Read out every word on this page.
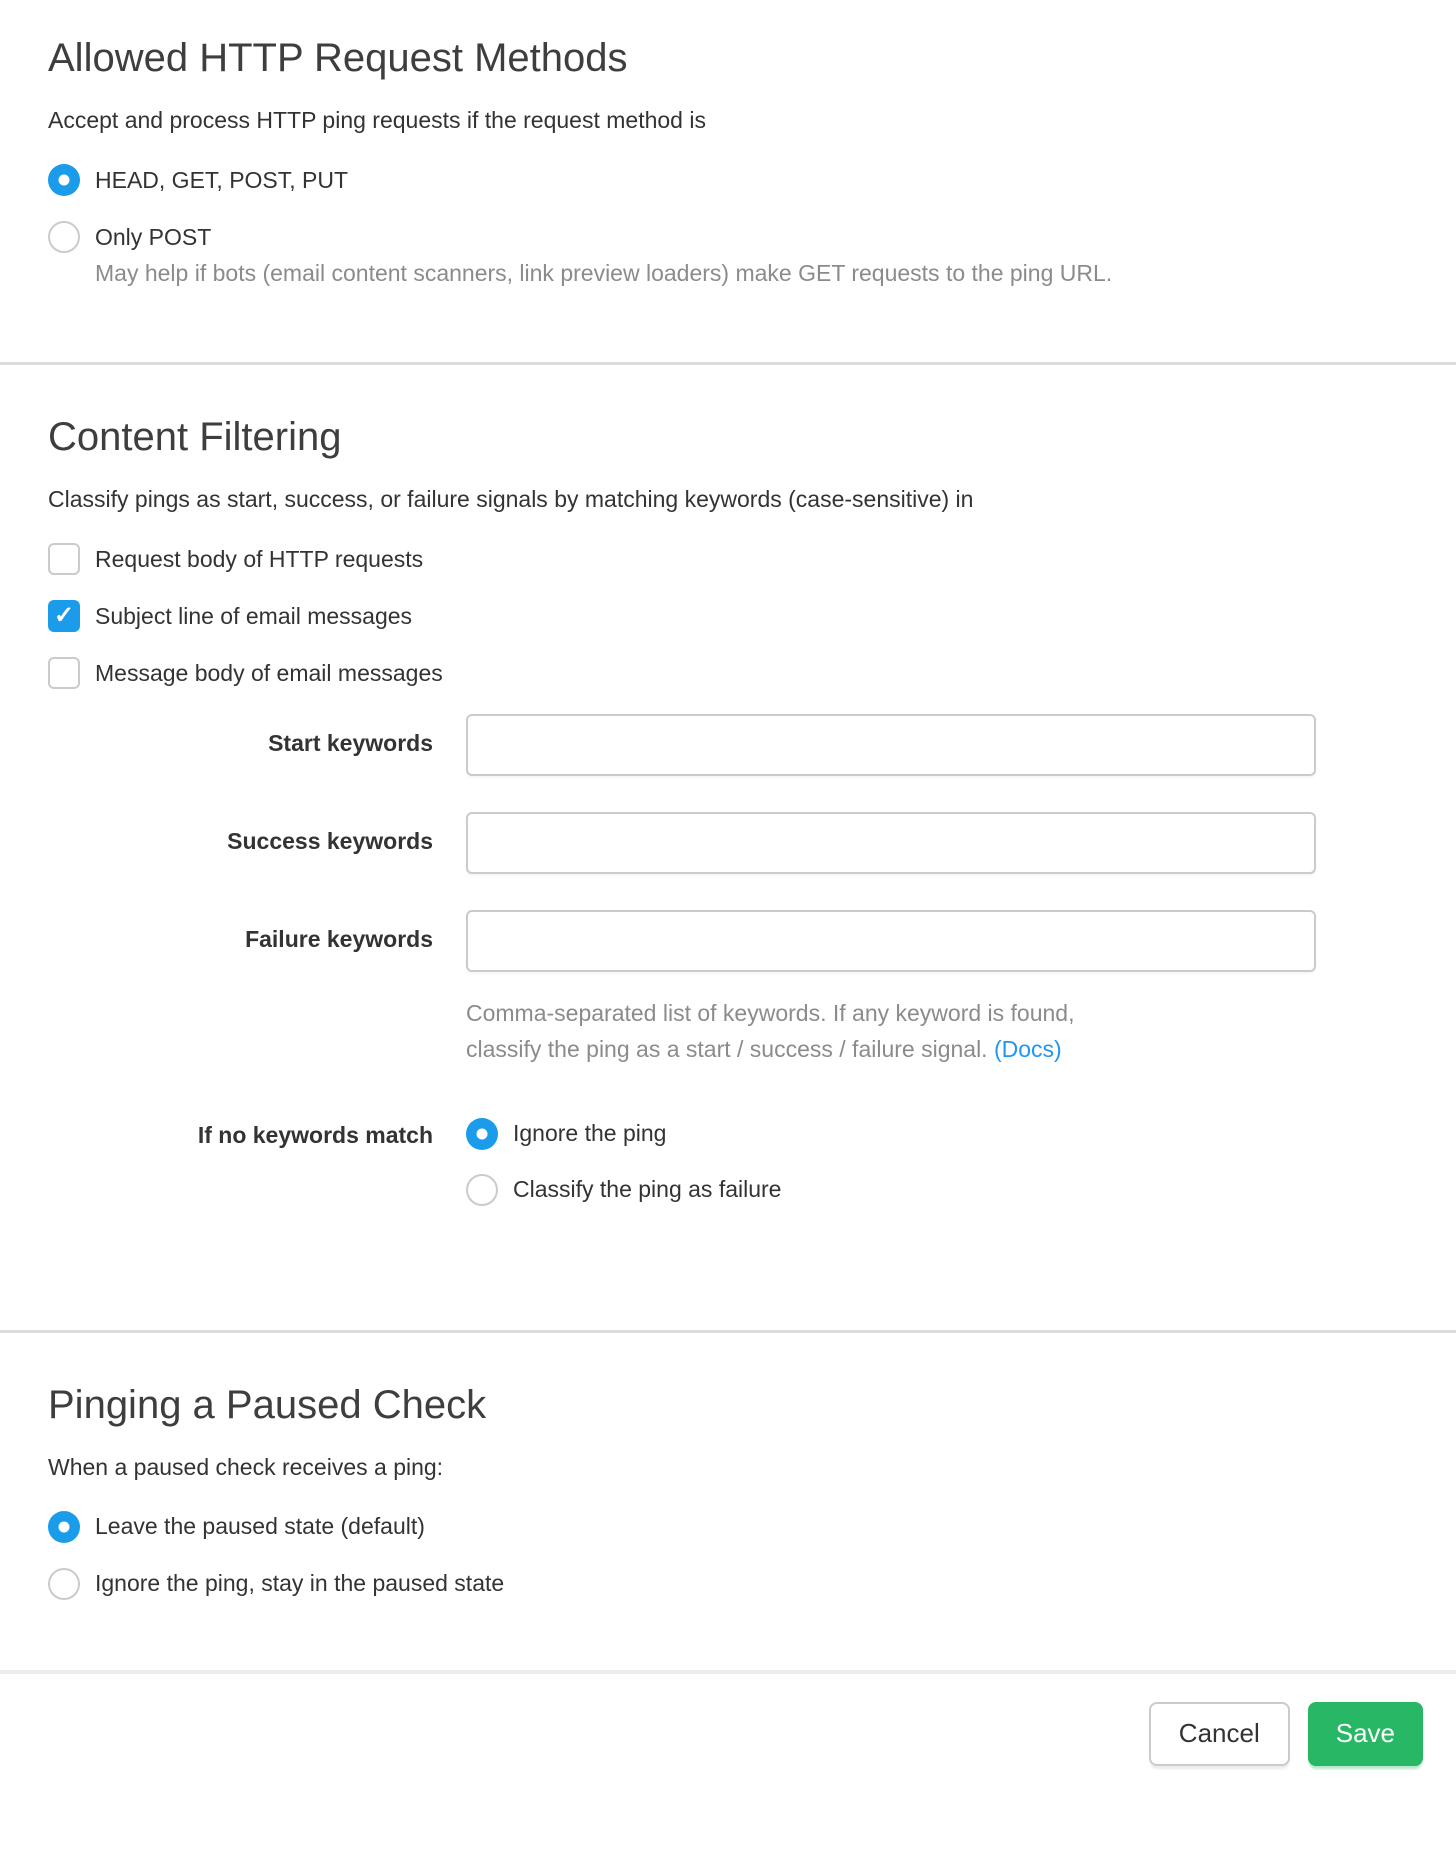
Allowed HTTP Request Methods

Accept and process HTTP ping requests if the request method is

HEAD, GET, POST, PUT
Only POST

May help if bots (email content scanners, link preview loaders) make GET requests to the ping URL.

Content Filtering

Classify pings as start, success, or failure signals by matching keywords (case-sensitive) in

Request body of HTTP requests
✓ Subject line of email messages
Message body of email messages
Start keywords
Success keywords
Failure keywords
Comma-separated list of keywords. If any keyword is found,
classify the ping as a start / success / failure signal. (Docs)
If no keywords match	Ignore the ping
Classify the ping as failure
Pinging a Paused Check

When a paused check receives a ping:

Leave the paused state (default)
Ignore the ping, stay in the paused state
Cancel	Save
